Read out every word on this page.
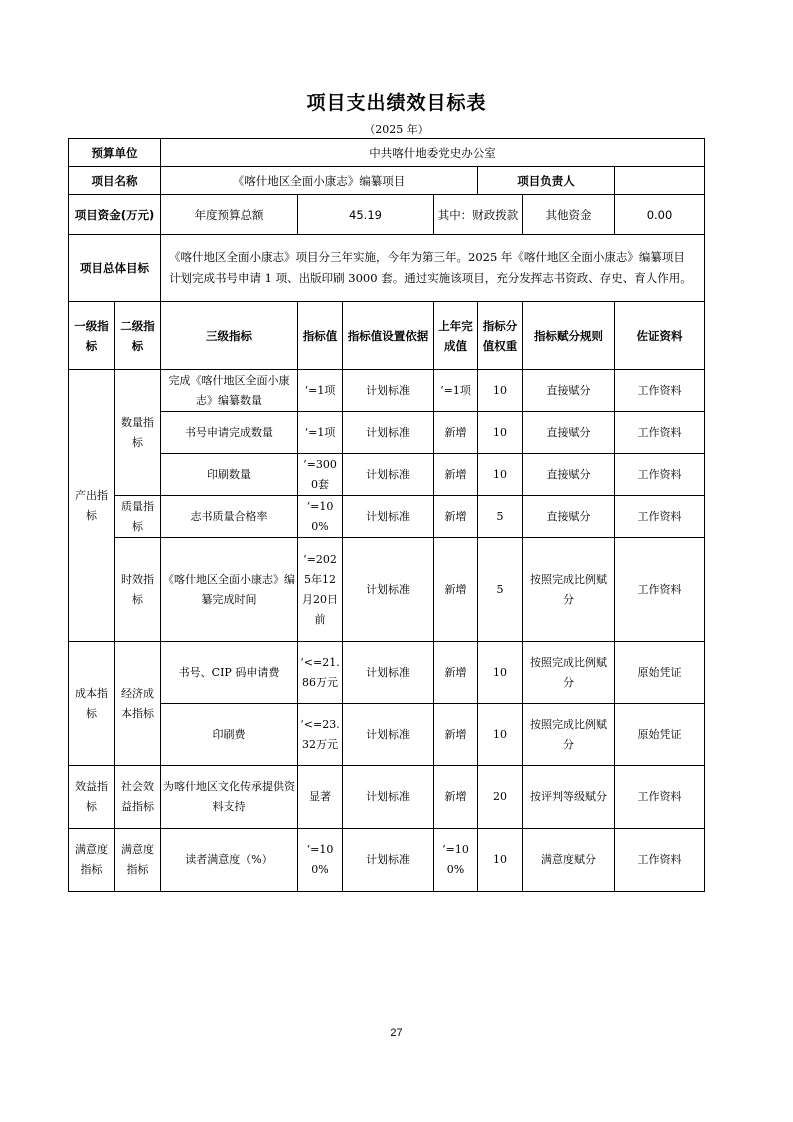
项目支出绩效目标表
（2025 年）
预算单位		中共喀什地委党史办公室						
项目名称		《喀什地区全面小康志》编纂项目				项目负责人		
项目资金(万元)		年度预算总额	45.19		其中：财政拨款		其他资金	0.00
项目总体目标		《喀什地区全面小康志》项目分三年实施，今年为第三年。2025 年《喀什地区全面小康志》编纂项目计划完成书号申请 1 项、出版印刷 3000 套。通过实施该项目，充分发挥志书资政、存史、育人作用。						
一级指标	二级指标	三级指标	指标值	指标值设置依据	上年完成值	指标分值权重	指标赋分规则	佐证资料
产出指标	数量指标	完成《喀什地区全面小康志》编纂数量	‘=1项	计划标准	‘=1项	10	直接赋分	工作资料
		书号申请完成数量	‘=1项	计划标准	新增	10	直接赋分	工作资料
		印刷数量	‘=3000套	计划标准	新增	10	直接赋分	工作资料
	质量指标	志书质量合格率	‘=100%	计划标准	新增	5	直接赋分	工作资料
	时效指标	《喀什地区全面小康志》编纂完成时间	‘=2025年12月20日前	计划标准	新增	5	按照完成比例赋分	工作资料
成本指标	经济成本指标	书号、CIP 码申请费	‘<=21.86万元	计划标准	新增	10	按照完成比例赋分	原始凭证
		印刷费	‘<=23.32万元	计划标准	新增	10	按照完成比例赋分	原始凭证
效益指标	社会效益指标	为喀什地区文化传承提供资料支持	显著	计划标准	新增	20	按评判等级赋分	工作资料
满意度指标	满意度指标	读者满意度（%）	‘=100%	计划标准	‘=100%	10	满意度赋分	工作资料
27
